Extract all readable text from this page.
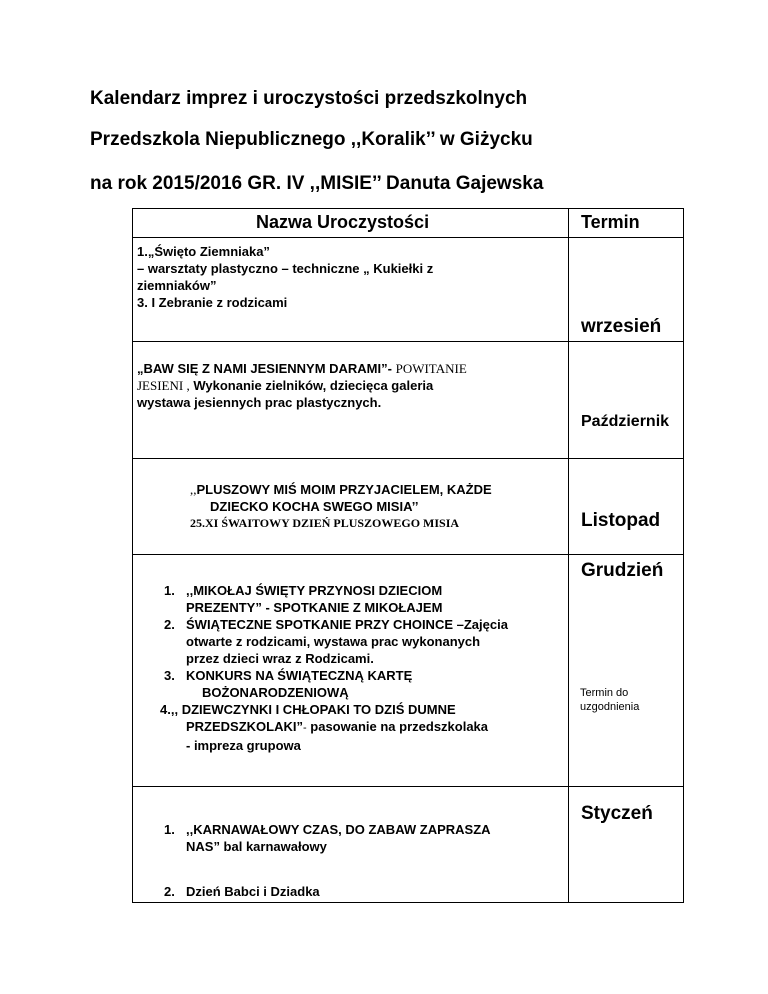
Kalendarz imprez i uroczystości przedszkolnych
Przedszkola Niepublicznego ,,Koralik’’ w Giżycku
na rok 2015/2016 GR. IV ,,MISIE’’ Danuta Gajewska
Nazwa Uroczystości	Termin
1.„Święto Ziemniaka”
– warsztaty plastyczno – techniczne „ Kukiełki z
ziemniaków”
3. I Zebranie z rodzicami
wrzesień
„BAW SIĘ Z NAMI JESIENNYM DARAMI”- POWITANIE
JESIENI , Wykonanie zielników, dziecięca galeria
wystawa jesiennych prac plastycznych.
Październik
,,PLUSZOWY MIŚ MOIM PRZYJACIELEM, KAŻDE
DZIECKO KOCHA SWEGO MISIA’’
25.XI ŚWAITOWY DZIEŃ PLUSZOWEGO MISIA	Listopad
1. ,,MIKOŁAJ ŚWIĘTY PRZYNOSI DZIECIOM
PREZENTY” - SPOTKANIE Z MIKOŁAJEM
2. ŚWIĄTECZNE SPOTKANIE PRZY CHOINCE –Zajęcia
otwarte z rodzicami, wystawa prac wykonanych
przez dzieci wraz z Rodzicami.
3. KONKURS NA ŚWIĄTECZNĄ KARTĘ
BOŻONARODZENIOWĄ
4.,, DZIEWCZYNKI I CHŁOPAKI TO DZIŚ DUMNE
PRZEDSZKOLAKI”- pasowanie na przedszkolaka
- impreza grupowa
Grudzień
Termin do uzgodnienia
1. ,,KARNAWAŁOWY CZAS, DO ZABAW ZAPRASZA
NAS” bal karnawałowy
2. Dzień Babci i Dziadka
Styczeń
